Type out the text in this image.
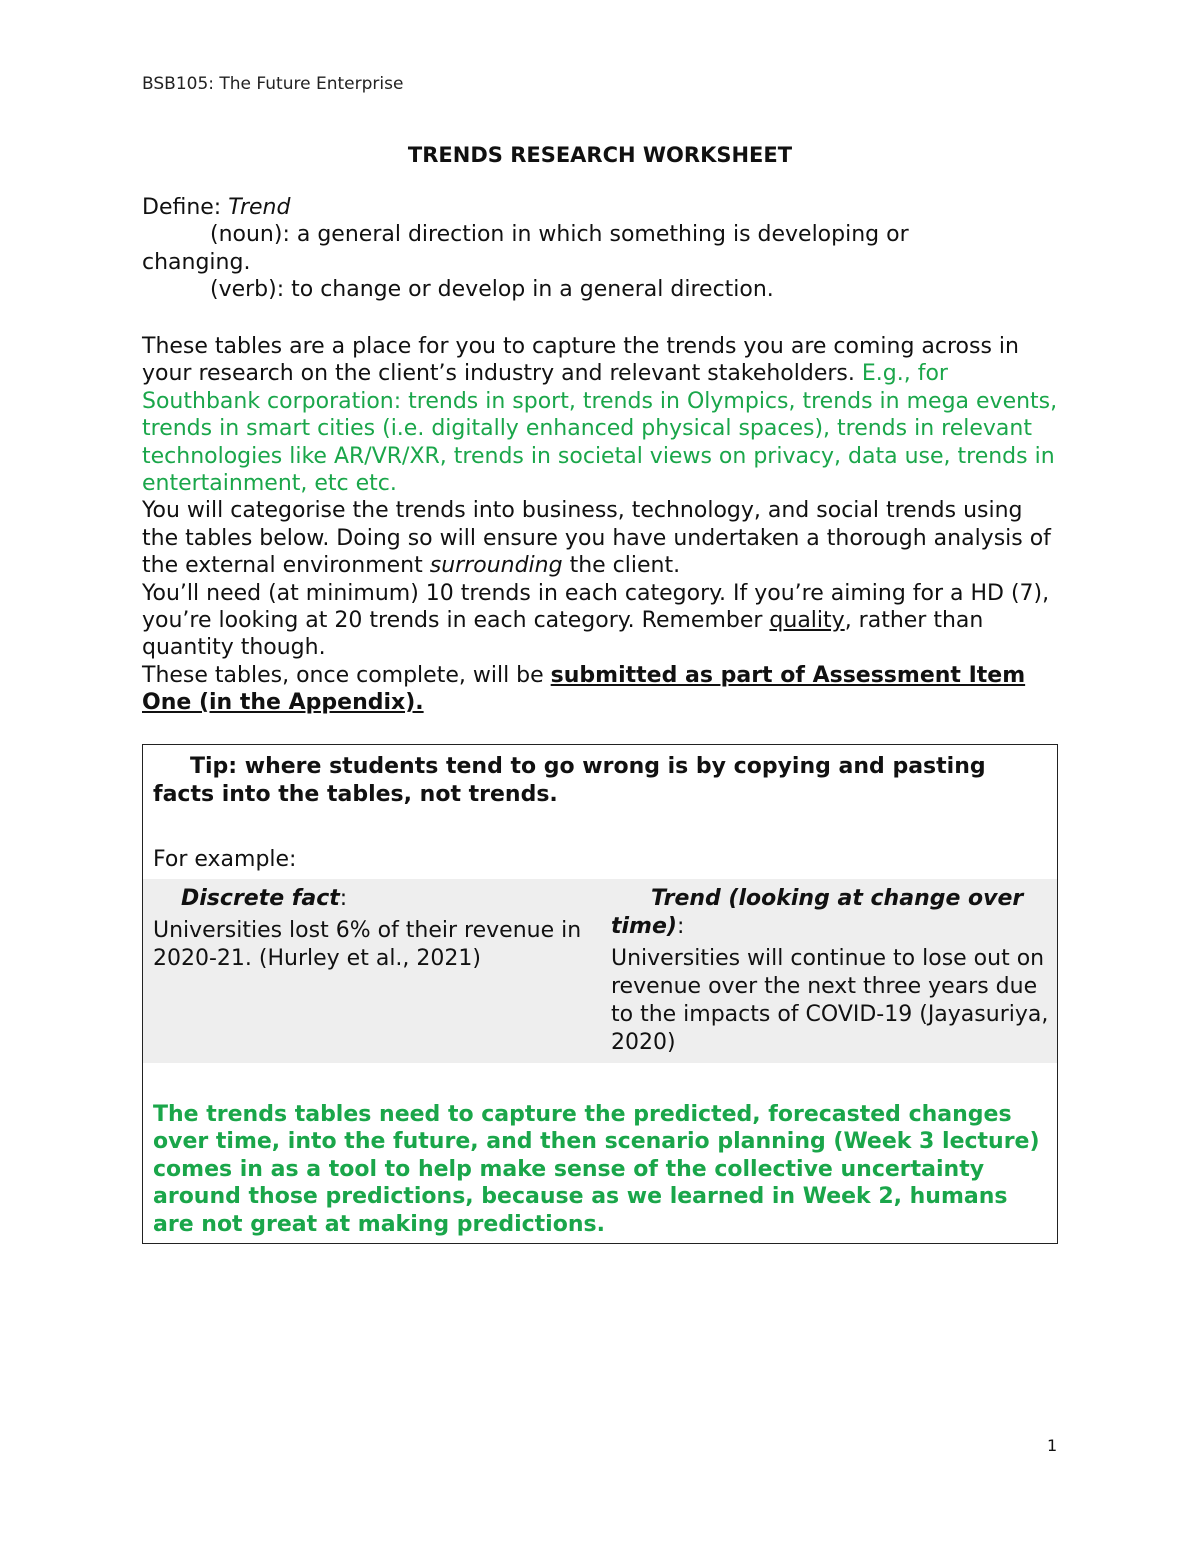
BSB105: The Future Enterprise
TRENDS RESEARCH WORKSHEET
Define: Trend
(noun): a general direction in which something is developing or
changing.
(verb): to change or develop in a general direction.
These tables are a place for you to capture the trends you are coming across in your research on the client’s industry and relevant stakeholders. E.g., for Southbank corporation: trends in sport, trends in Olympics, trends in mega events, trends in smart cities (i.e. digitally enhanced physical spaces), trends in relevant technologies like AR/VR/XR, trends in societal views on privacy, data use, trends in entertainment, etc etc.
You will categorise the trends into business, technology, and social trends using the tables below. Doing so will ensure you have undertaken a thorough analysis of the external environment surrounding the client.
You’ll need (at minimum) 10 trends in each category. If you’re aiming for a HD (7), you’re looking at 20 trends in each category. Remember quality, rather than quantity though.
These tables, once complete, will be submitted as part of Assessment Item One (in the Appendix).
Tip: where students tend to go wrong is by copying and pasting facts into the tables, not trends.
For example:
Discrete fact:
Universities lost 6% of their revenue in 2020-21. (Hurley et al., 2021)
Trend (looking at change over time):
Universities will continue to lose out on revenue over the next three years due to the impacts of COVID-19 (Jayasuriya, 2020)
The trends tables need to capture the predicted, forecasted changes over time, into the future, and then scenario planning (Week 3 lecture) comes in as a tool to help make sense of the collective uncertainty around those predictions, because as we learned in Week 2, humans are not great at making predictions.
1
